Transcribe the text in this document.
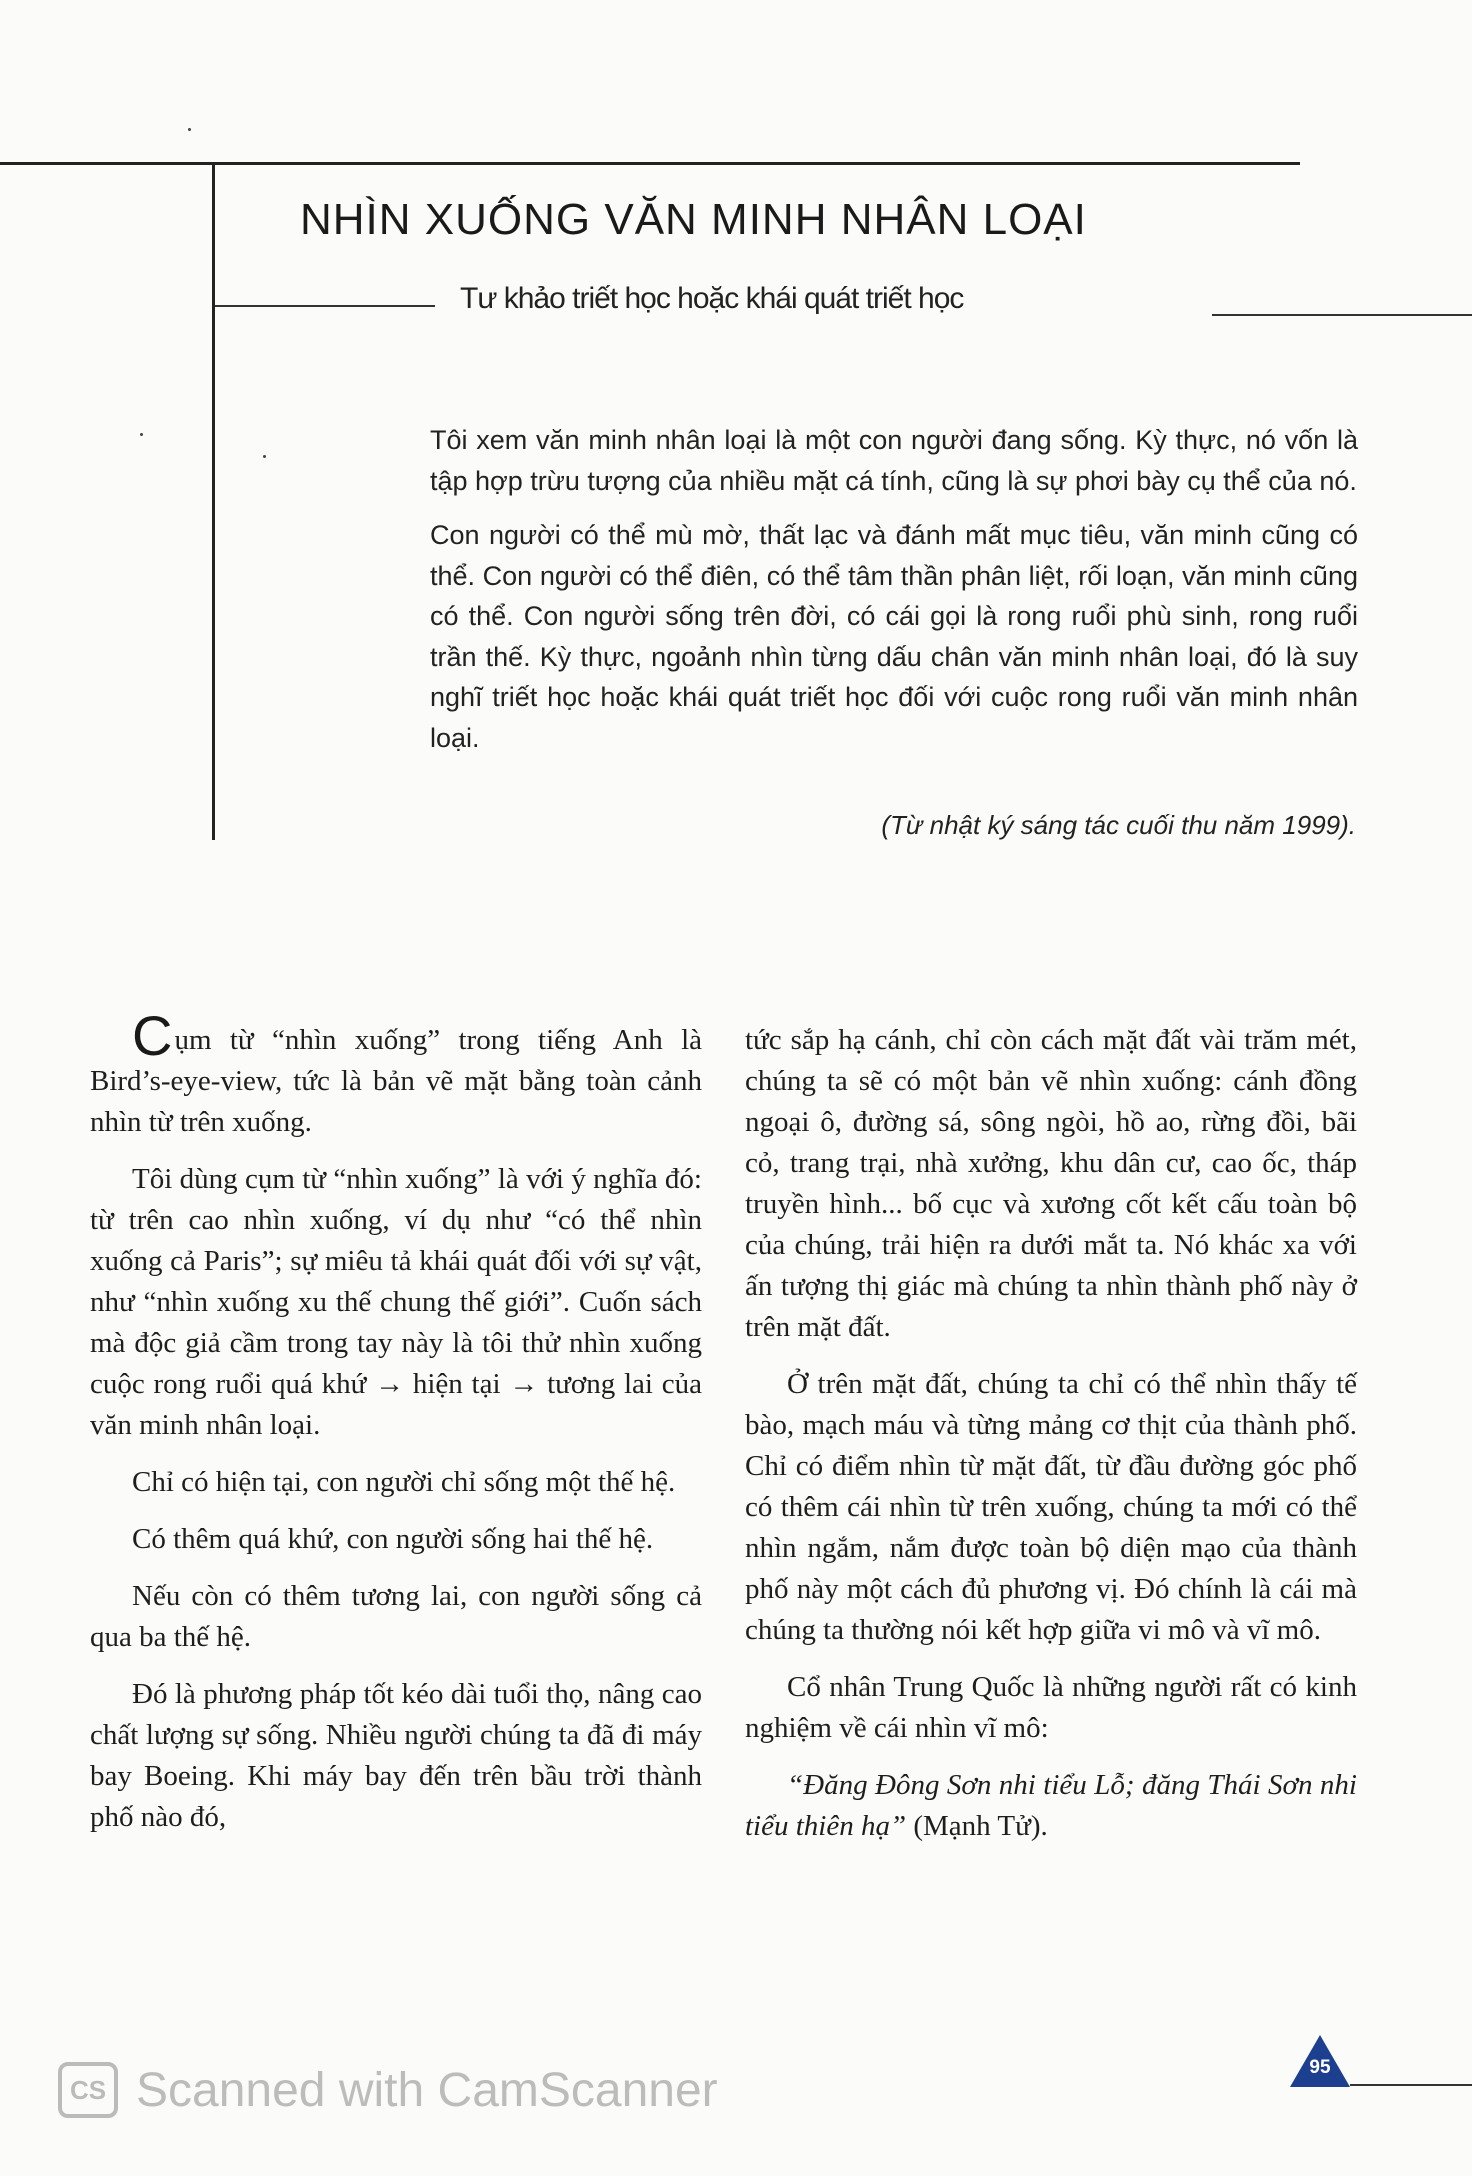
NHÌN XUỐNG VĂN MINH NHÂN LOẠI
Tư khảo triết học hoặc khái quát triết học

Tôi xem văn minh nhân loại là một con người đang sống. Kỳ thực, nó vốn là tập hợp trừu tượng của nhiều mặt cá tính, cũng là sự phơi bày cụ thể của nó.

Con người có thể mù mờ, thất lạc và đánh mất mục tiêu, văn minh cũng có thể. Con người có thể điên, có thể tâm thần phân liệt, rối loạn, văn minh cũng có thể. Con người sống trên đời, có cái gọi là rong ruổi phù sinh, rong ruổi trần thế. Kỳ thực, ngoảnh nhìn từng dấu chân văn minh nhân loại, đó là suy nghĩ triết học hoặc khái quát triết học đối với cuộc rong ruổi văn minh nhân loại.

(Từ nhật ký sáng tác cuối thu năm 1999).

Cụm từ “nhìn xuống” trong tiếng Anh là Bird’s-eye-view, tức là bản vẽ mặt bằng toàn cảnh nhìn từ trên xuống.

Tôi dùng cụm từ “nhìn xuống” là với ý nghĩa đó: từ trên cao nhìn xuống, ví dụ như “có thể nhìn xuống cả Paris”; sự miêu tả khái quát đối với sự vật, như “nhìn xuống xu thế chung thế giới”. Cuốn sách mà độc giả cầm trong tay này là tôi thử nhìn xuống cuộc rong ruổi quá khứ → hiện tại → tương lai của văn minh nhân loại.

Chỉ có hiện tại, con người chỉ sống một thế hệ.

Có thêm quá khứ, con người sống hai thế hệ.

Nếu còn có thêm tương lai, con người sống cả qua ba thế hệ.

Đó là phương pháp tốt kéo dài tuổi thọ, nâng cao chất lượng sự sống. Nhiều người chúng ta đã đi máy bay Boeing. Khi máy bay đến trên bầu trời thành phố nào đó,

tức sắp hạ cánh, chỉ còn cách mặt đất vài trăm mét, chúng ta sẽ có một bản vẽ nhìn xuống: cánh đồng ngoại ô, đường sá, sông ngòi, hồ ao, rừng đồi, bãi cỏ, trang trại, nhà xưởng, khu dân cư, cao ốc, tháp truyền hình... bố cục và xương cốt kết cấu toàn bộ của chúng, trải hiện ra dưới mắt ta. Nó khác xa với ấn tượng thị giác mà chúng ta nhìn thành phố này ở trên mặt đất.

Ở trên mặt đất, chúng ta chỉ có thể nhìn thấy tế bào, mạch máu và từng mảng cơ thịt của thành phố. Chỉ có điểm nhìn từ mặt đất, từ đầu đường góc phố có thêm cái nhìn từ trên xuống, chúng ta mới có thể nhìn ngắm, nắm được toàn bộ diện mạo của thành phố này một cách đủ phương vị. Đó chính là cái mà chúng ta thường nói kết hợp giữa vi mô và vĩ mô.

Cổ nhân Trung Quốc là những người rất có kinh nghiệm về cái nhìn vĩ mô:

“Đăng Đông Sơn nhi tiểu Lỗ; đăng Thái Sơn nhi tiểu thiên hạ” (Mạnh Tử).

95
CS Scanned with CamScanner
